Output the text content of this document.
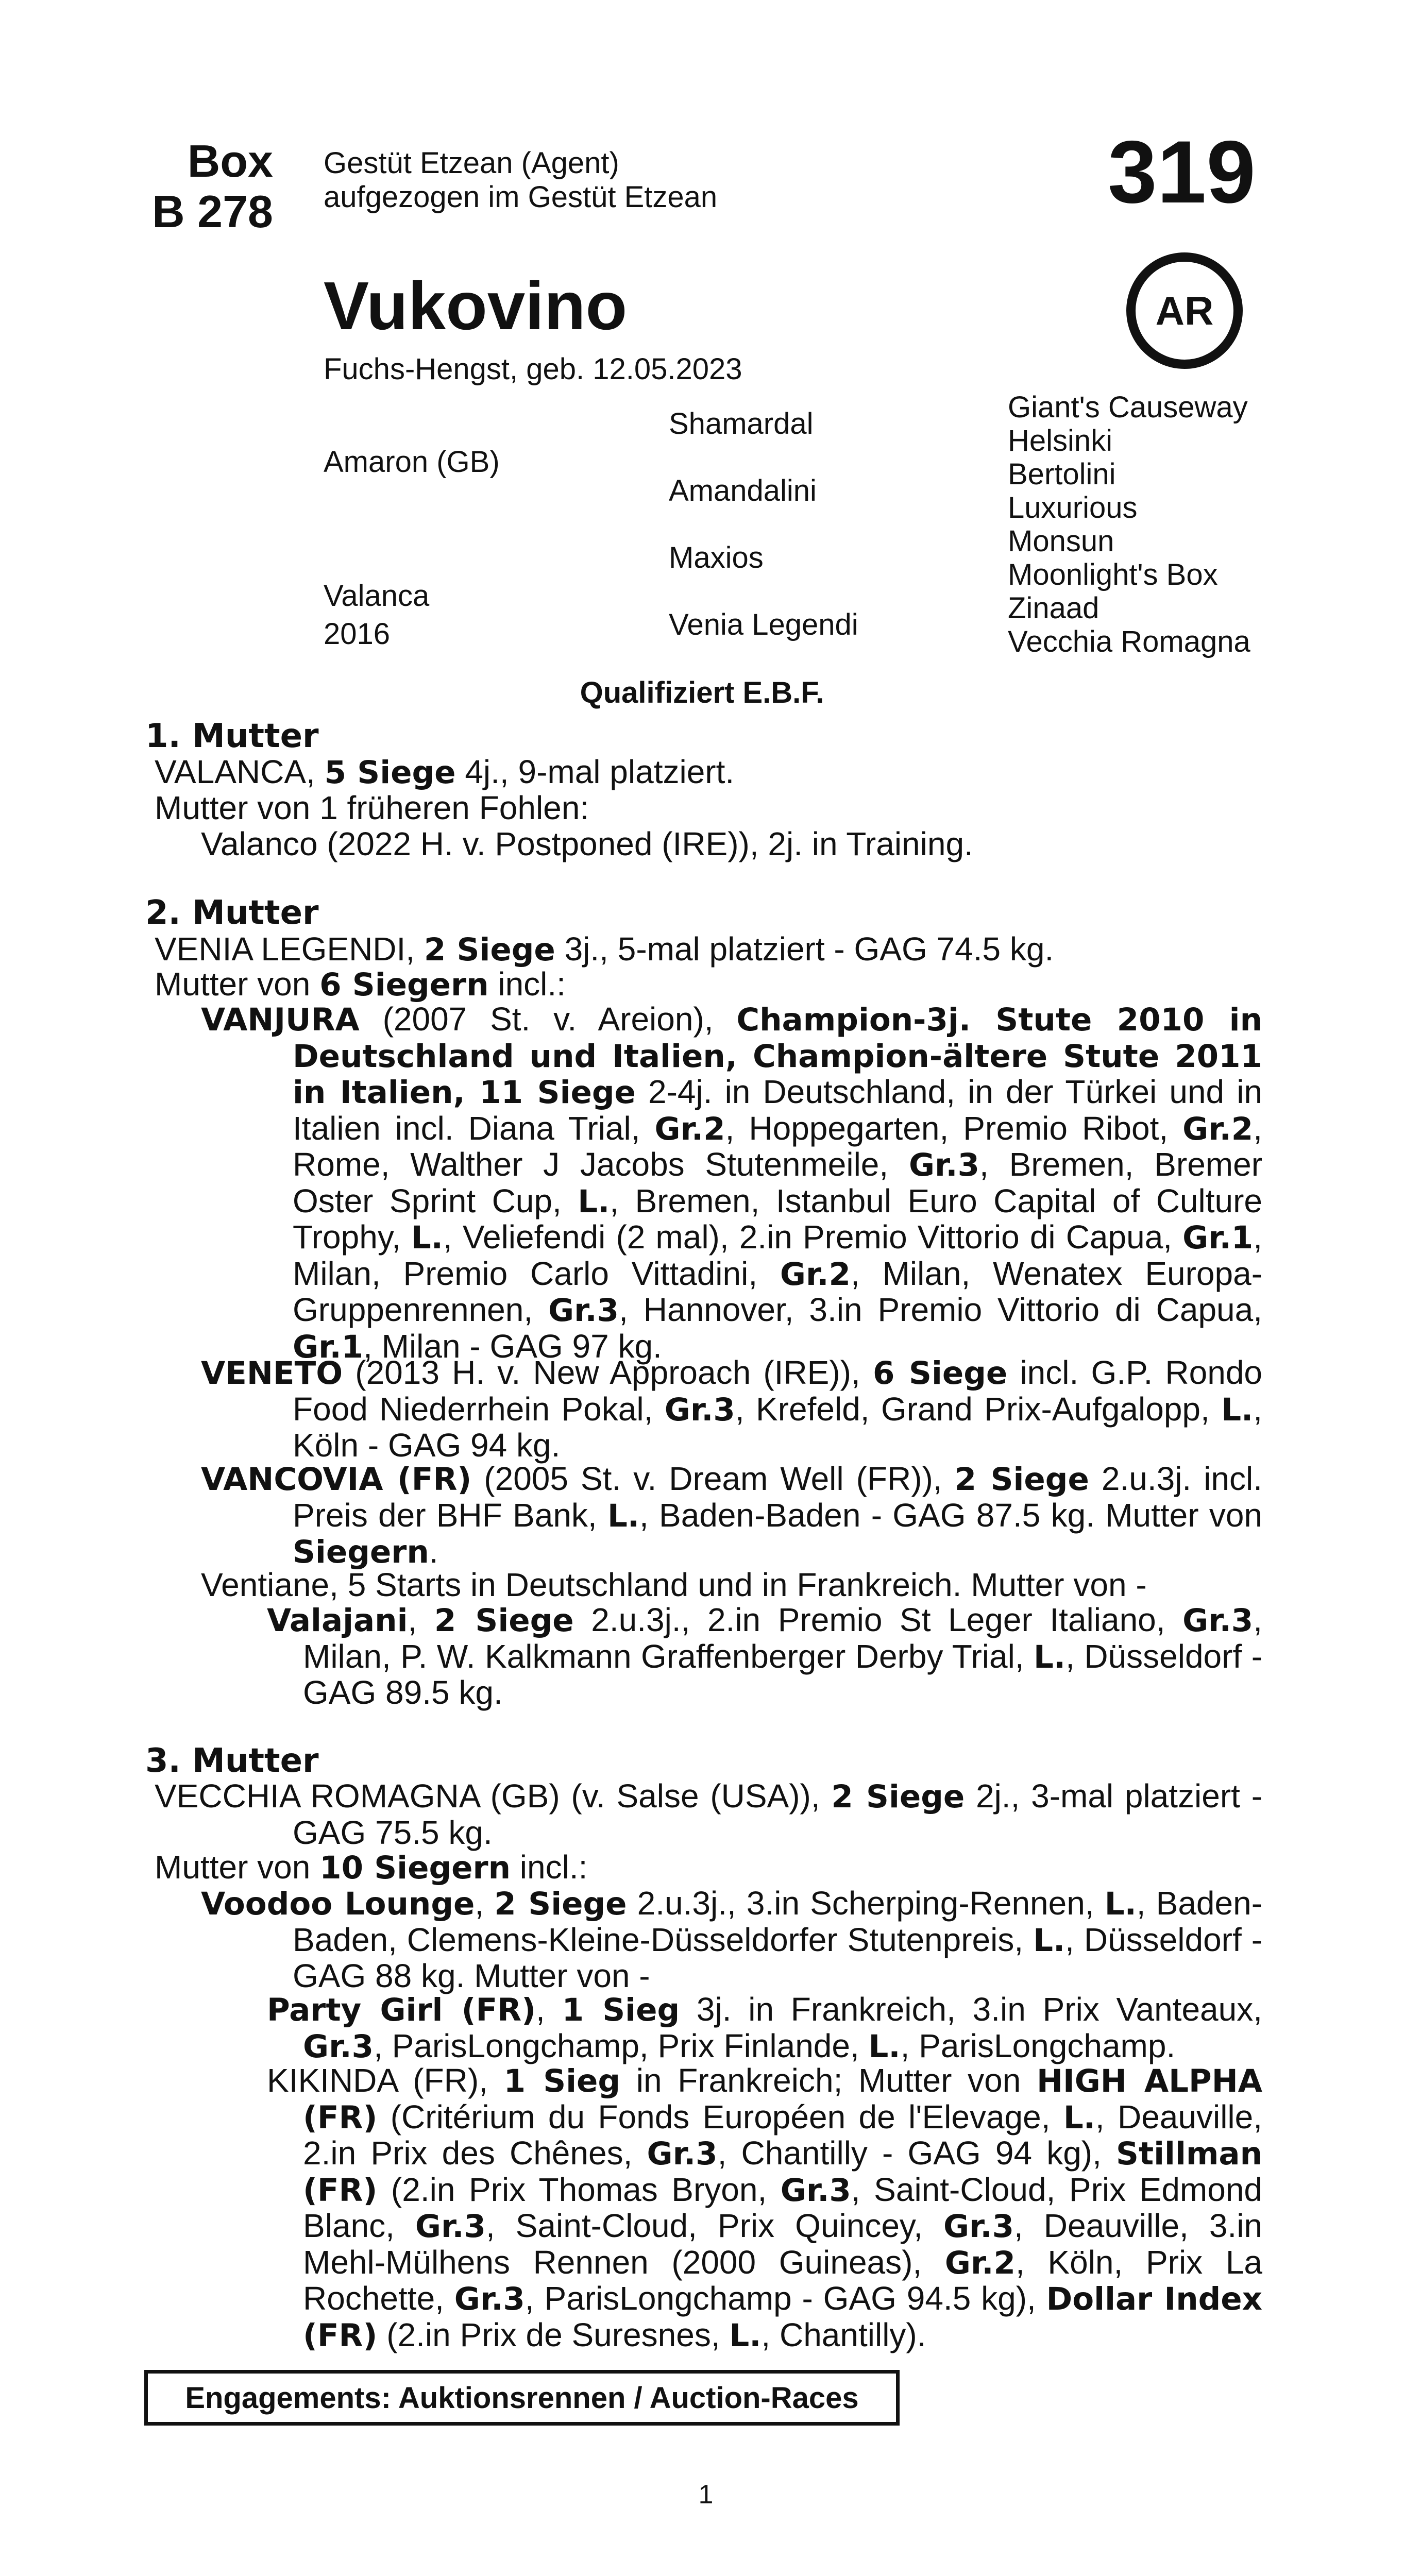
Box
B 278
Gestüt Etzean (Agent)
aufgezogen im Gestüt Etzean	319
AR
Vukovino
Fuchs-Hengst, geb. 12.05.2023
Amaron (GB)
Valanca
2016
Shamardal
Amandalini
Maxios
Venia Legendi
Giant's Causeway
Helsinki
Bertolini
Luxurious
Monsun
Moonlight's Box
Zinaad
Vecchia Romagna
Qualifiziert E.B.F.
1. Mutter
VALANCA, 5 Siege 4j., 9-mal platziert.
Mutter von 1 früheren Fohlen:
Valanco (2022 H. v. Postponed (IRE)), 2j. in Training.
2. Mutter
VENIA LEGENDI, 2 Siege 3j., 5-mal platziert - GAG 74.5 kg.
Mutter von 6 Siegern incl.:
VANJURA (2007 St. v. Areion), Champion-3j. Stute 2010 in Deutschland und Italien, Champion-ältere Stute 2011 in Italien, 11 Siege 2-4j. in Deutschland, in der Türkei und in Italien incl. Diana Trial, Gr.2, Hoppegarten, Premio Ribot, Gr.2, Rome, Walther J Jacobs Stutenmeile, Gr.3, Bremen, Bremer Oster Sprint Cup, L., Bremen, Istanbul Euro Capital of Culture Trophy, L., Veliefendi (2 mal), 2.in Premio Vittorio di Capua, Gr.1, Milan, Premio Carlo Vittadini, Gr.2, Milan, Wenatex Europa-Gruppenrennen, Gr.3, Hannover, 3.in Premio Vittorio di Capua, Gr.1, Milan - GAG 97 kg.
VENETO (2013 H. v. New Approach (IRE)), 6 Siege incl. G.P. Rondo Food Niederrhein Pokal, Gr.3, Krefeld, Grand Prix-Aufgalopp, L., Köln - GAG 94 kg.
VANCOVIA (FR) (2005 St. v. Dream Well (FR)), 2 Siege 2.u.3j. incl. Preis der BHF Bank, L., Baden-Baden - GAG 87.5 kg. Mutter von Siegern.
Ventiane, 5 Starts in Deutschland und in Frankreich. Mutter von -
Valajani, 2 Siege 2.u.3j., 2.in Premio St Leger Italiano, Gr.3, Milan, P. W. Kalkmann Graffenberger Derby Trial, L., Düsseldorf - GAG 89.5 kg.
3. Mutter
VECCHIA ROMAGNA (GB) (v. Salse (USA)), 2 Siege 2j., 3-mal platziert - GAG 75.5 kg.
Mutter von 10 Siegern incl.:
Voodoo Lounge, 2 Siege 2.u.3j., 3.in Scherping-Rennen, L., Baden-Baden, Clemens-Kleine-Düsseldorfer Stutenpreis, L., Düsseldorf - GAG 88 kg. Mutter von -
Party Girl (FR), 1 Sieg 3j. in Frankreich, 3.in Prix Vanteaux, Gr.3, ParisLongchamp, Prix Finlande, L., ParisLongchamp.
KIKINDA (FR), 1 Sieg in Frankreich; Mutter von HIGH ALPHA (FR) (Critérium du Fonds Européen de l'Elevage, L., Deauville, 2.in Prix des Chênes, Gr.3, Chantilly - GAG 94 kg), Stillman (FR) (2.in Prix Thomas Bryon, Gr.3, Saint-Cloud, Prix Edmond Blanc, Gr.3, Saint-Cloud, Prix Quincey, Gr.3, Deauville, 3.in Mehl-Mülhens Rennen (2000 Guineas), Gr.2, Köln, Prix La Rochette, Gr.3, ParisLongchamp - GAG 94.5 kg), Dollar Index (FR) (2.in Prix de Suresnes, L., Chantilly).
Engagements: Auktionsrennen / Auction-Races
1
